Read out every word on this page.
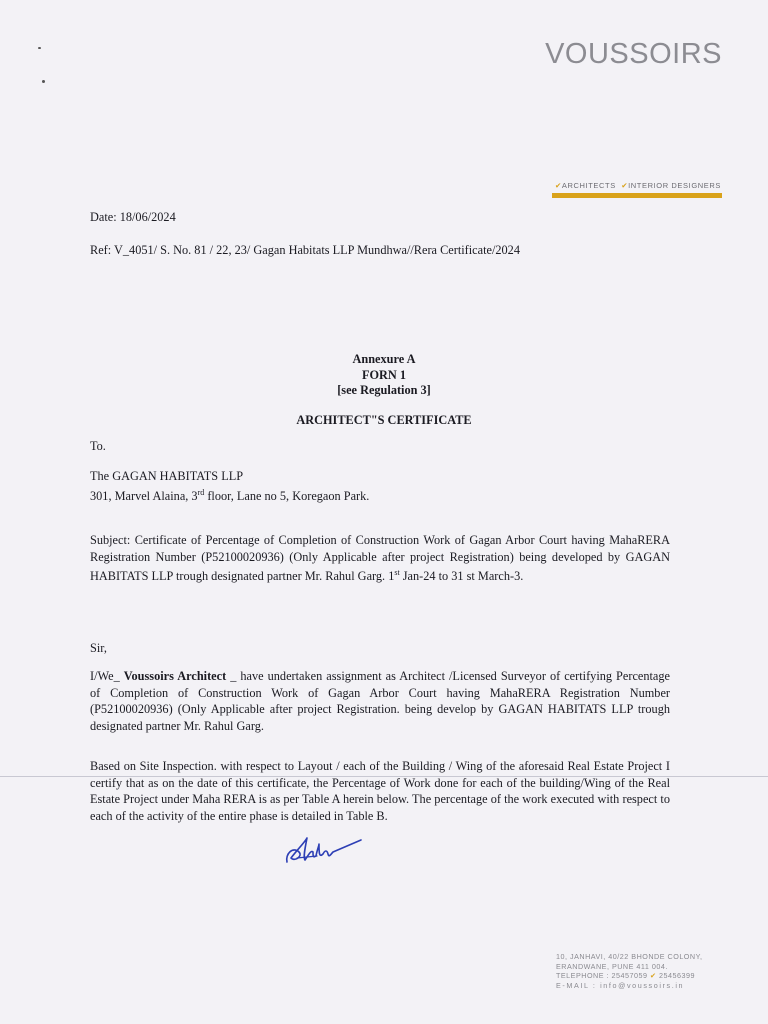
VOUSSOIRS
✔ARCHITECTS ✔INTERIOR DESIGNERS
Date: 18/06/2024
Ref: V_4051/ S. No. 81 / 22, 23/ Gagan Habitats LLP Mundhwa//Rera Certificate/2024
Annexure A
FORN 1
[see Regulation 3]
ARCHITECT"S CERTIFICATE
To.
The GAGAN HABITATS LLP
301, Marvel Alaina, 3rd floor, Lane no 5, Koregaon Park.
Subject: Certificate of Percentage of Completion of Construction Work of Gagan Arbor Court having MahaRERA Registration Number (P52100020936) (Only Applicable after project Registration) being developed by GAGAN HABITATS LLP trough designated partner Mr. Rahul Garg. 1st Jan-24 to 31 st March-3.
Sir,
I/We_ Voussoirs Architect _ have undertaken assignment as Architect /Licensed Surveyor of certifying Percentage of Completion of Construction Work of Gagan Arbor Court having MahaRERA Registration Number (P52100020936) (Only Applicable after project Registration. being develop by GAGAN HABITATS LLP trough designated partner Mr. Rahul Garg.
Based on Site Inspection. with respect to Layout / each of the Building / Wing of the aforesaid Real Estate Project I certify that as on the date of this certificate, the Percentage of Work done for each of the building/Wing of the Real Estate Project under Maha RERA is as per Table A herein below. The percentage of the work executed with respect to each of the activity of the entire phase is detailed in Table B.
10, JANHAVI, 40/22 BHONDE COLONY,
ERANDWANE, PUNE 411 004.
TELEPHONE : 25457059 ✔ 25456399
E-MAIL : info@voussoirs.in
